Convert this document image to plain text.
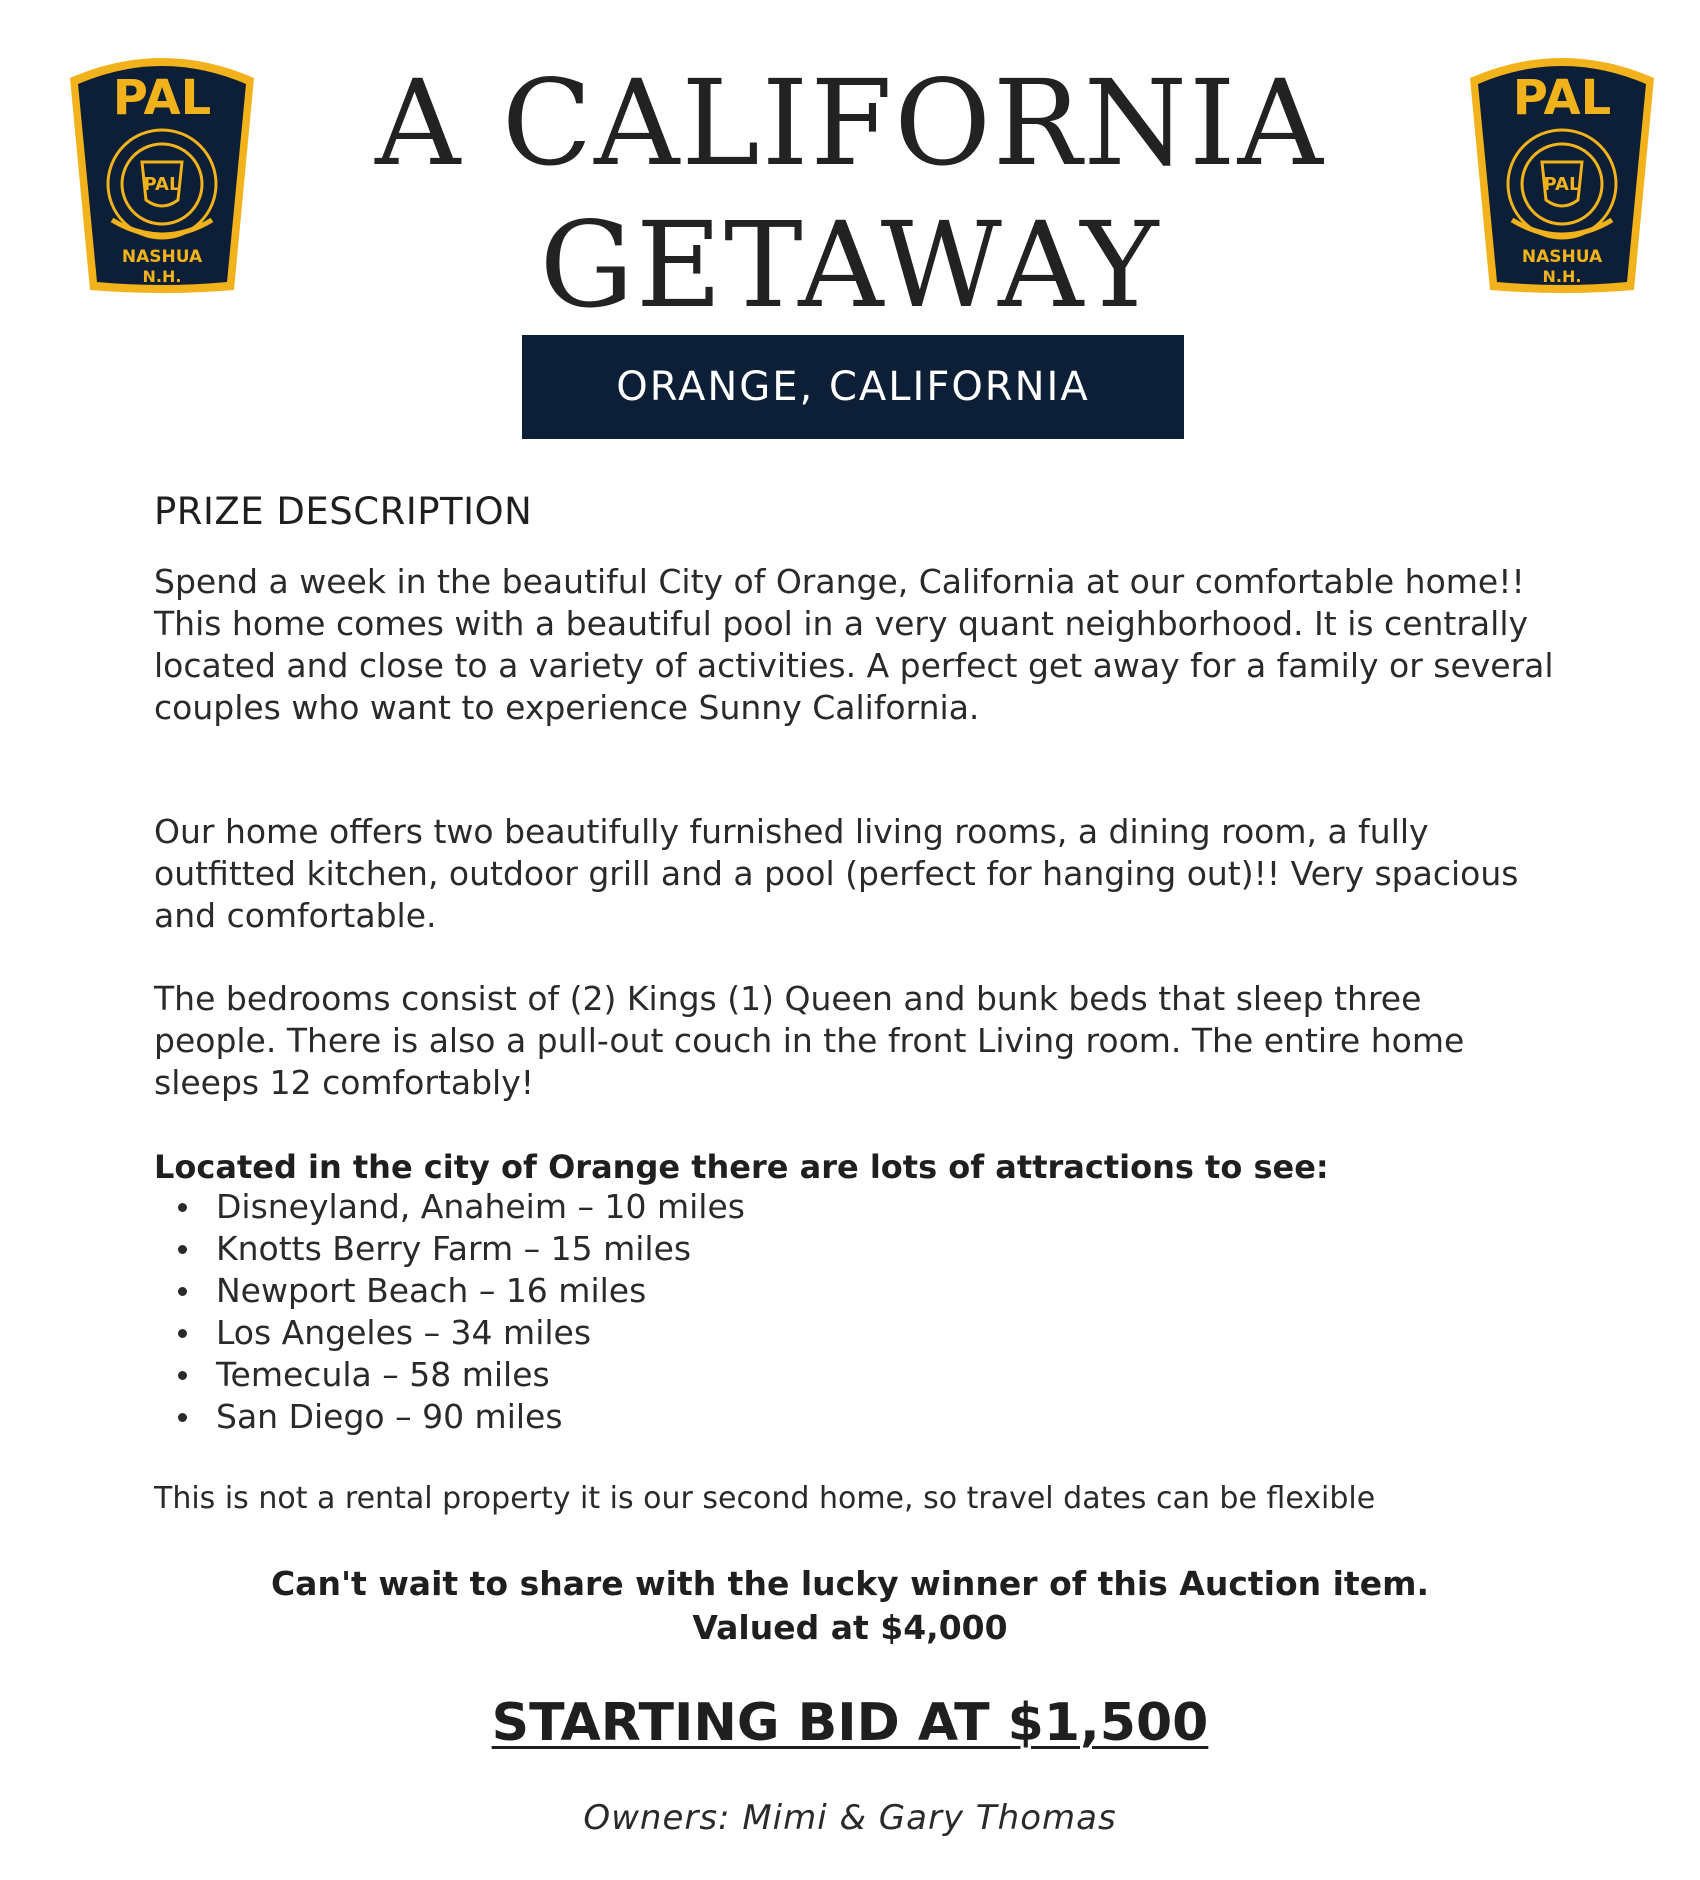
PAL
PAL
NASHUA
N.H.
PAL
PAL
NASHUA
N.H.
A CALIFORNIA
GETAWAY
ORANGE, CALIFORNIA
PRIZE DESCRIPTION

Spend a week in the beautiful City of Orange, California at our comfortable home!! This home comes with a beautiful pool in a very quant neighborhood. It is centrally located and close to a variety of activities. A perfect get away for a family or several couples who want to experience Sunny California.

Our home offers two beautifully furnished living rooms, a dining room, a fully outfitted kitchen, outdoor grill and a pool (perfect for hanging out)!! Very spacious and comfortable.

The bedrooms consist of (2) Kings (1) Queen and bunk beds that sleep three people. There is also a pull-out couch in the front Living room. The entire home sleeps 12 comfortably!

Located in the city of Orange there are lots of attractions to see:

Disneyland, Anaheim – 10 miles
Knotts Berry Farm – 15 miles
Newport Beach – 16 miles
Los Angeles – 34 miles
Temecula – 58 miles
San Diego – 90 miles

This is not a rental property it is our second home, so travel dates can be flexible

Can't wait to share with the lucky winner of this Auction item.

Valued at $4,000

STARTING BID AT $1,500

Owners: Mimi & Gary Thomas
